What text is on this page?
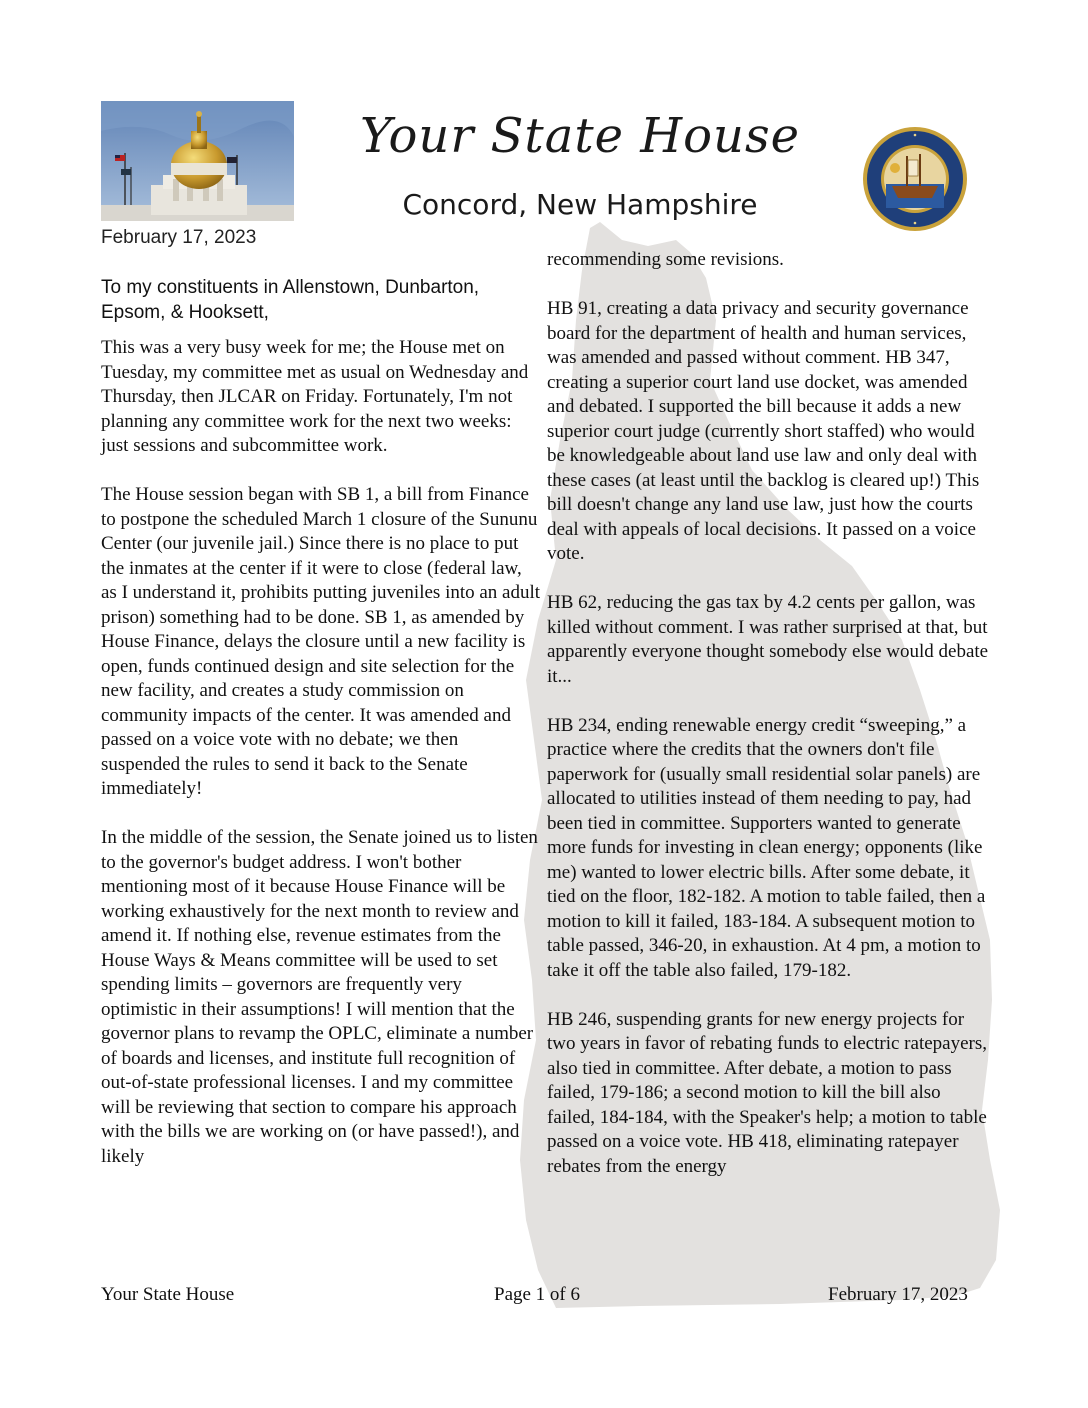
Your State House
Concord, New Hampshire
February 17, 2023
To my constituents in Allenstown, Dunbarton, Epsom, & Hooksett,

This was a very busy week for me; the House met on Tuesday, my committee met as usual on Wednesday and Thursday, then JLCAR on Friday. Fortunately, I'm not planning any committee work for the next two weeks: just sessions and subcommittee work.

The House session began with SB 1, a bill from Finance to postpone the scheduled March 1 closure of the Sununu Center (our juvenile jail.) Since there is no place to put the inmates at the center if it were to close (federal law, as I understand it, prohibits putting juveniles into an adult prison) something had to be done. SB 1, as amended by House Finance, delays the closure until a new facility is open, funds continued design and site selection for the new facility, and creates a study commission on community impacts of the center. It was amended and passed on a voice vote with no debate; we then suspended the rules to send it back to the Senate immediately!

In the middle of the session, the Senate joined us to listen to the governor's budget address. I won't bother mentioning most of it because House Finance will be working exhaustively for the next month to review and amend it. If nothing else, revenue estimates from the House Ways & Means committee will be used to set spending limits – governors are frequently very optimistic in their assumptions! I will mention that the governor plans to revamp the OPLC, eliminate a number of boards and licenses, and institute full recognition of out-of-state professional licenses. I and my committee will be reviewing that section to compare his approach with the bills we are working on (or have passed!), and likely

recommending some revisions.

HB 91, creating a data privacy and security governance board for the department of health and human services, was amended and passed without comment. HB 347, creating a superior court land use docket, was amended and debated. I supported the bill because it adds a new superior court judge (currently short staffed) who would be knowledgeable about land use law and only deal with these cases (at least until the backlog is cleared up!) This bill doesn't change any land use law, just how the courts deal with appeals of local decisions. It passed on a voice vote.

HB 62, reducing the gas tax by 4.2 cents per gallon, was killed without comment. I was rather surprised at that, but apparently everyone thought somebody else would debate it...

HB 234, ending renewable energy credit “sweeping,” a practice where the credits that the owners don't file paperwork for (usually small residential solar panels) are allocated to utilities instead of them needing to pay, had been tied in committee. Supporters wanted to generate more funds for investing in clean energy; opponents (like me) wanted to lower electric bills. After some debate, it tied on the floor, 182-182. A motion to table failed, then a motion to kill it failed, 183-184. A subsequent motion to table passed, 346-20, in exhaustion. At 4 pm, a motion to take it off the table also failed, 179-182.

HB 246, suspending grants for new energy projects for two years in favor of rebating funds to electric ratepayers, also tied in committee. After debate, a motion to pass failed, 179-186; a second motion to kill the bill also failed, 184-184, with the Speaker's help; a motion to table passed on a voice vote. HB 418, eliminating ratepayer rebates from the energy

Your State House	Page 1 of 6	February 17, 2023
